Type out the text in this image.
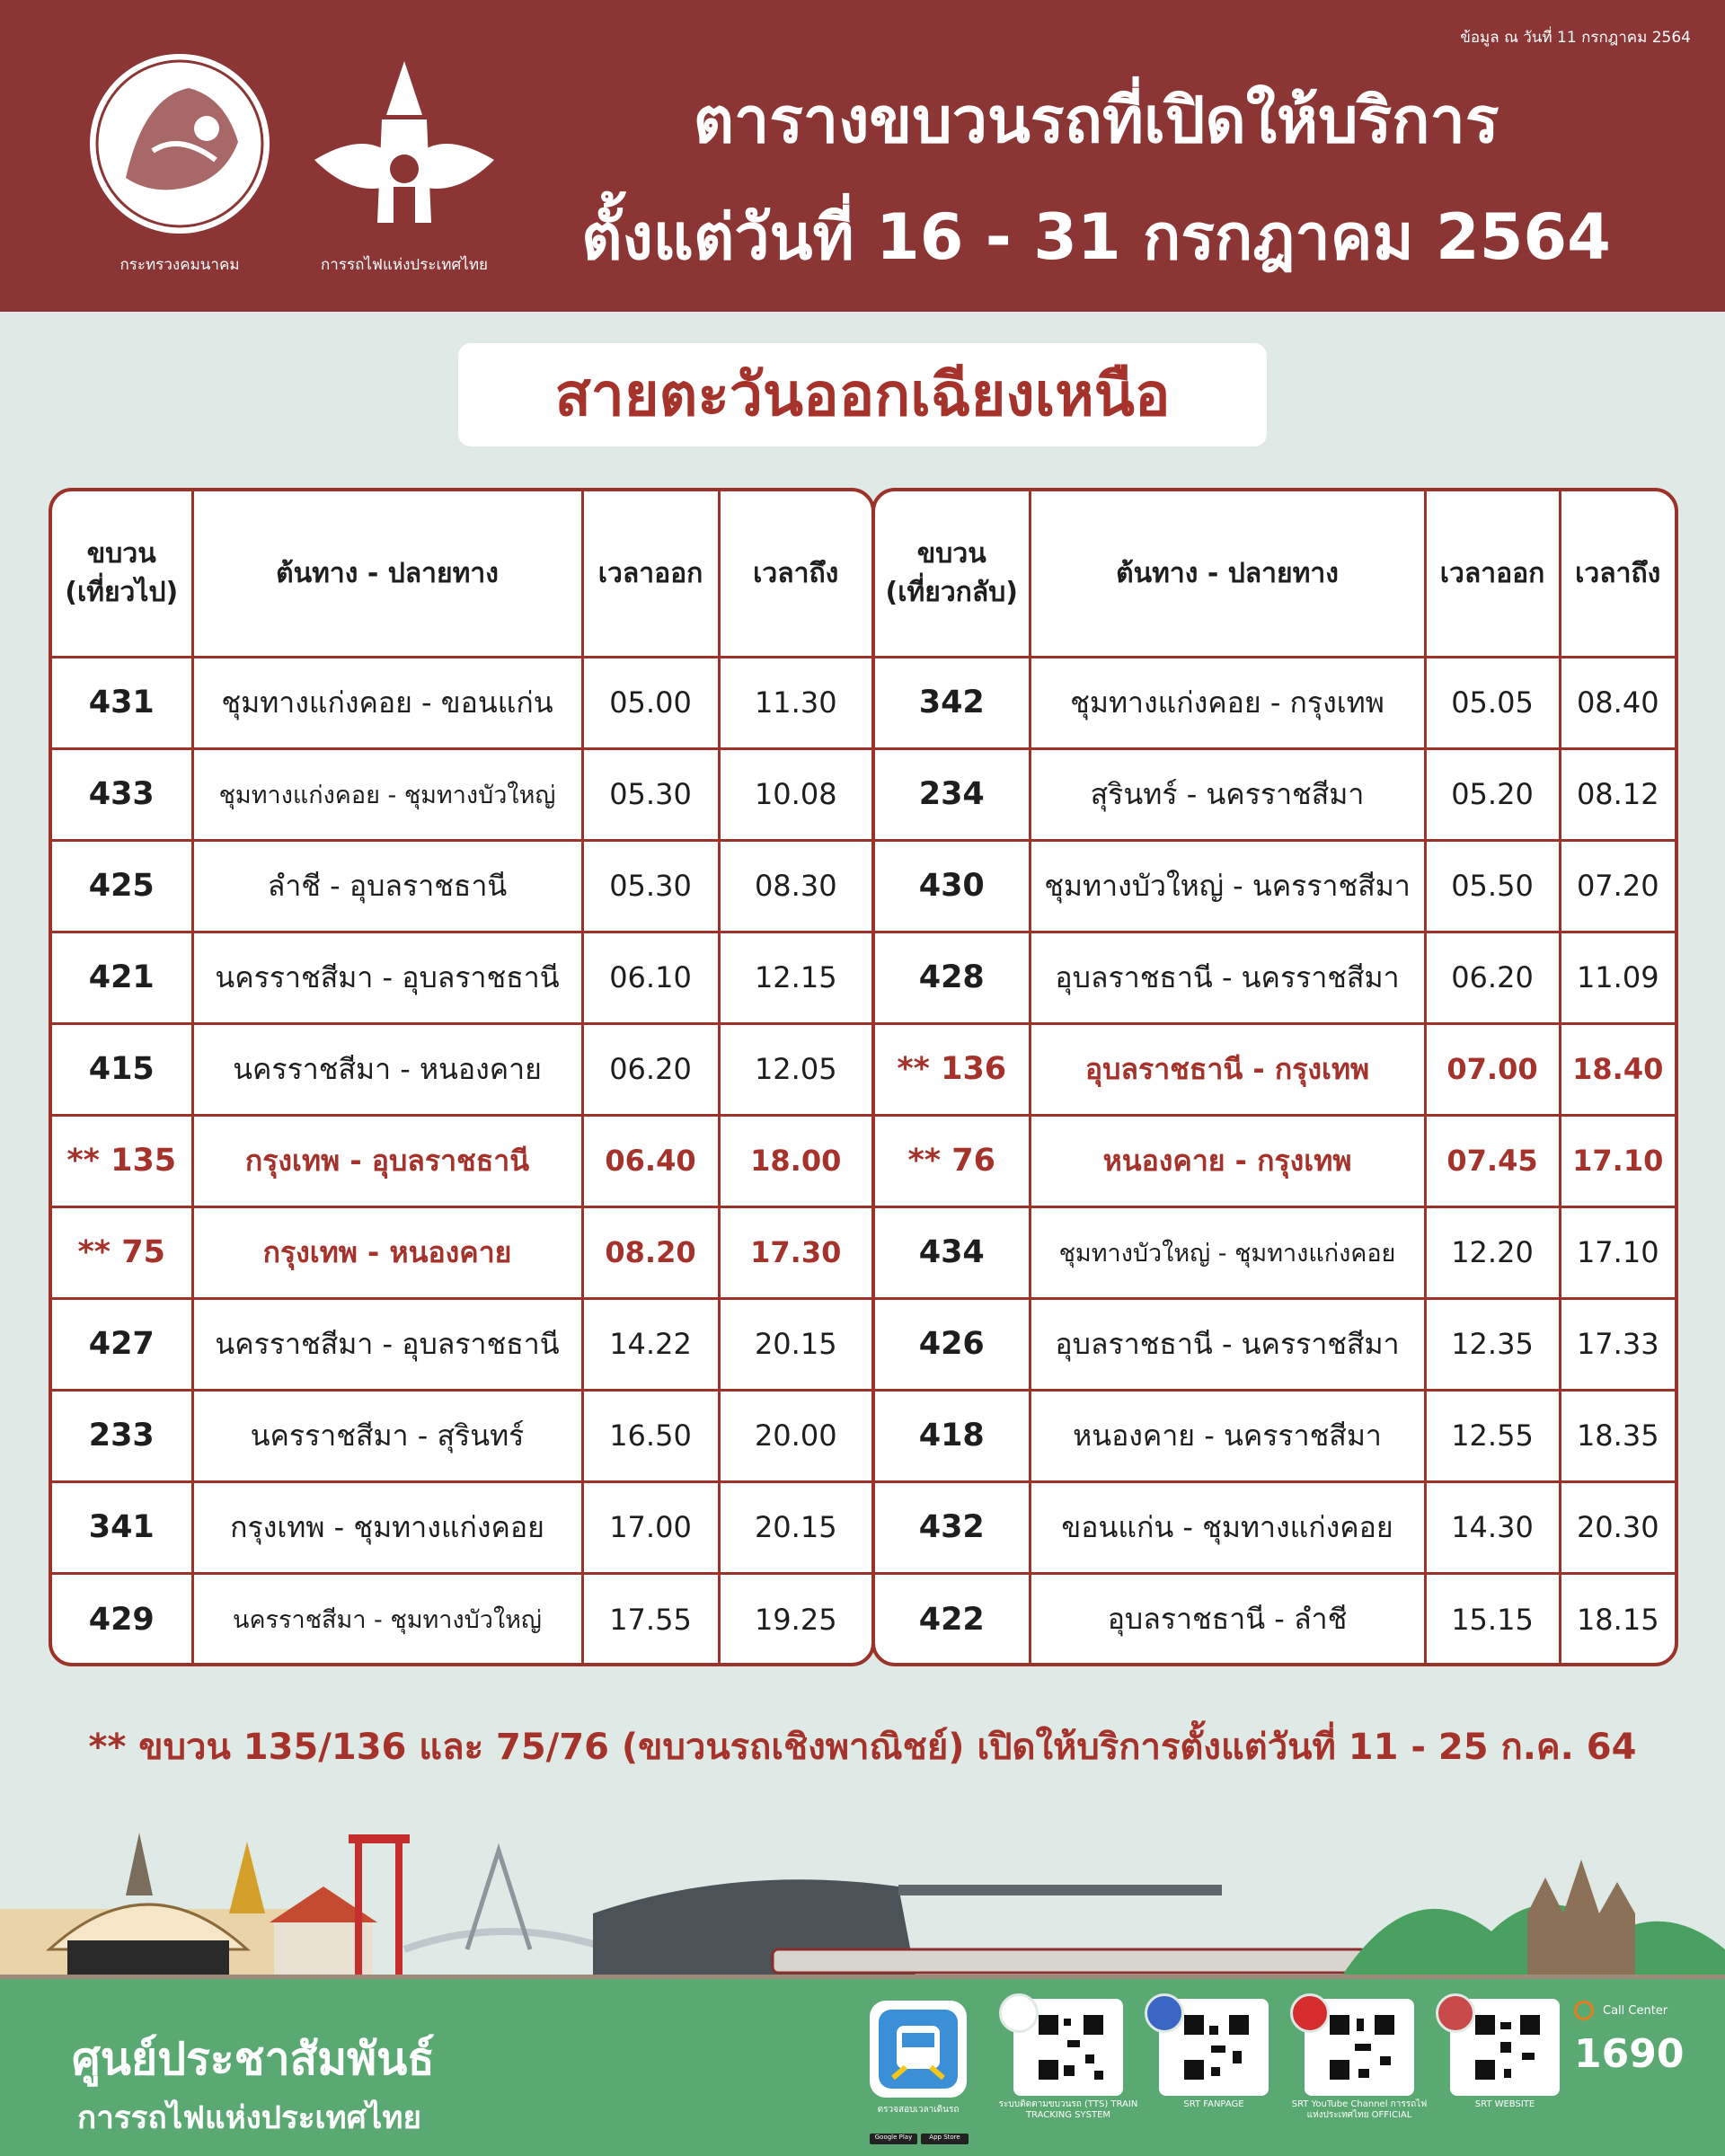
ข้อมูล ณ วันที่ 11 กรกฎาคม 2564
กระทรวงคมนาคม	การรถไฟแห่งประเทศไทย
ตารางขบวนรถที่เปิดให้บริการ
ตั้งแต่วันที่ 16 - 31 กรกฎาคม 2564
สายตะวันออกเฉียงเหนือ
ขบวน
(เที่ยวไป)	ต้นทาง - ปลายทาง	เวลาออก	เวลาถึง
431	ชุมทางแก่งคอย - ขอนแก่น	05.00	11.30
433	ชุมทางแก่งคอย - ชุมทางบัวใหญ่	05.30	10.08
425	ลำชี - อุบลราชธานี	05.30	08.30
421	นครราชสีมา - อุบลราชธานี	06.10	12.15
415	นครราชสีมา - หนองคาย	06.20	12.05
** 135	กรุงเทพ - อุบลราชธานี	06.40	18.00
** 75	กรุงเทพ - หนองคาย	08.20	17.30
427	นครราชสีมา - อุบลราชธานี	14.22	20.15
233	นครราชสีมา - สุรินทร์	16.50	20.00
341	กรุงเทพ - ชุมทางแก่งคอย	17.00	20.15
429	นครราชสีมา - ชุมทางบัวใหญ่	17.55	19.25
ขบวน
(เที่ยวกลับ)	ต้นทาง - ปลายทาง	เวลาออก	เวลาถึง
342	ชุมทางแก่งคอย - กรุงเทพ	05.05	08.40
234	สุรินทร์ - นครราชสีมา	05.20	08.12
430	ชุมทางบัวใหญ่ - นครราชสีมา	05.50	07.20
428	อุบลราชธานี - นครราชสีมา	06.20	11.09
** 136	อุบลราชธานี - กรุงเทพ	07.00	18.40
** 76	หนองคาย - กรุงเทพ	07.45	17.10
434	ชุมทางบัวใหญ่ - ชุมทางแก่งคอย	12.20	17.10
426	อุบลราชธานี - นครราชสีมา	12.35	17.33
418	หนองคาย - นครราชสีมา	12.55	18.35
432	ขอนแก่น - ชุมทางแก่งคอย	14.30	20.30
422	อุบลราชธานี - ลำชี	15.15	18.15
** ขบวน 135/136 และ 75/76 (ขบวนรถเชิงพาณิชย์) เปิดให้บริการตั้งแต่วันที่ 11 - 25 ก.ค. 64
ศูนย์ประชาสัมพันธ์
การรถไฟแห่งประเทศไทย	ตรวจสอบเวลาเดินรถ
Google Play	App Store
ระบบติดตามขบวนรถ (TTS) TRAIN TRACKING SYSTEM
SRT FANPAGE	SRT YouTube Channel การรถไฟแห่งประเทศไทย OFFICIAL
SRT WEBSITE
Call Center
1690
